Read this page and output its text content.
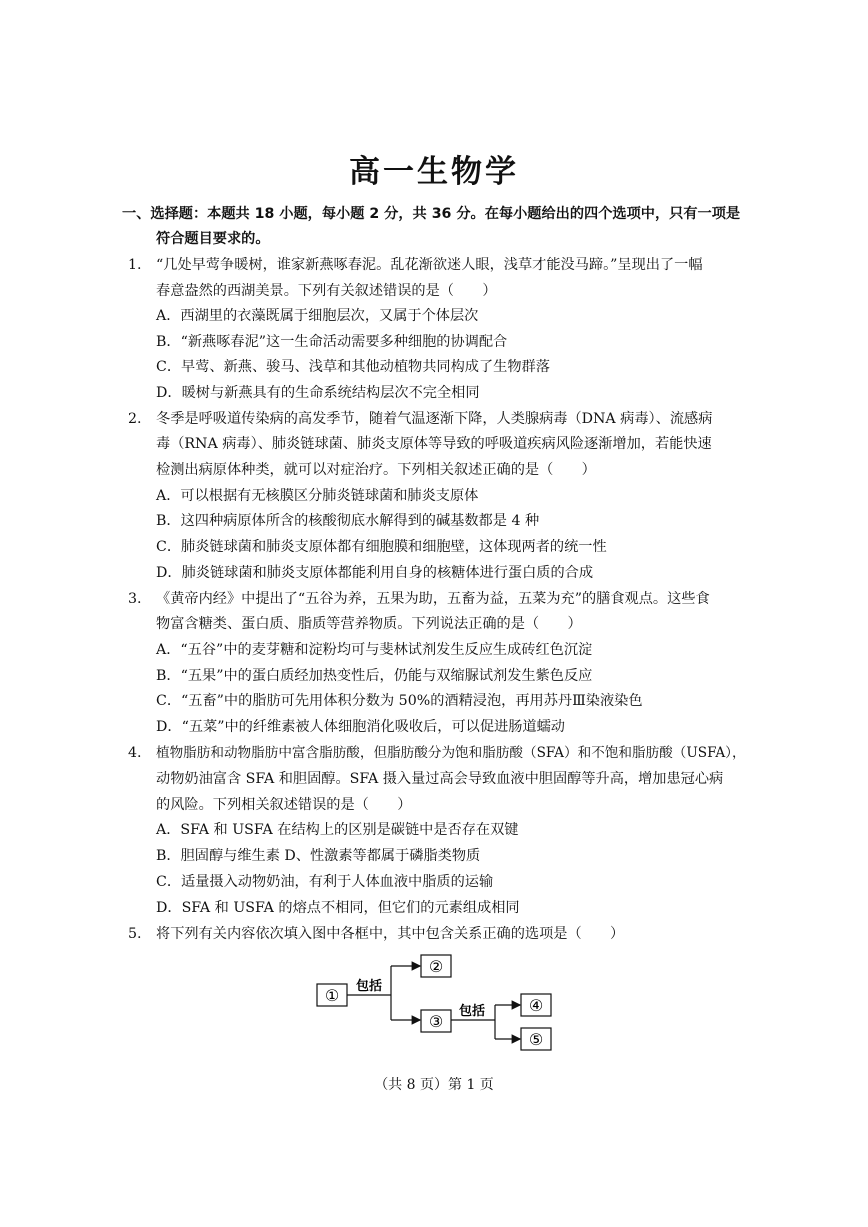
高一生物学
一、选择题：本题共 18 小题，每小题 2 分，共 36 分。在每小题给出的四个选项中，只有一项是
符合题目要求的。
1. “几处早莺争暖树，谁家新燕啄春泥。乱花渐欲迷人眼，浅草才能没马蹄。”呈现出了一幅
春意盎然的西湖美景。下列有关叙述错误的是（　　）
A．西湖里的衣藻既属于细胞层次，又属于个体层次
B．“新燕啄春泥”这一生命活动需要多种细胞的协调配合
C．早莺、新燕、骏马、浅草和其他动植物共同构成了生物群落
D．暖树与新燕具有的生命系统结构层次不完全相同
2. 冬季是呼吸道传染病的高发季节，随着气温逐渐下降，人类腺病毒（DNA 病毒）、流感病
毒（RNA 病毒）、肺炎链球菌、肺炎支原体等导致的呼吸道疾病风险逐渐增加，若能快速
检测出病原体种类，就可以对症治疗。下列相关叙述正确的是（　　）
A．可以根据有无核膜区分肺炎链球菌和肺炎支原体
B．这四种病原体所含的核酸彻底水解得到的碱基数都是 4 种
C．肺炎链球菌和肺炎支原体都有细胞膜和细胞壁，这体现两者的统一性
D．肺炎链球菌和肺炎支原体都能利用自身的核糖体进行蛋白质的合成
3. 《黄帝内经》中提出了“五谷为养，五果为助，五畜为益，五菜为充”的膳食观点。这些食
物富含糖类、蛋白质、脂质等营养物质。下列说法正确的是（　　）
A．“五谷”中的麦芽糖和淀粉均可与斐林试剂发生反应生成砖红色沉淀
B．“五果”中的蛋白质经加热变性后，仍能与双缩脲试剂发生紫色反应
C．“五畜”中的脂肪可先用体积分数为 50%的酒精浸泡，再用苏丹Ⅲ染液染色
D．“五菜”中的纤维素被人体细胞消化吸收后，可以促进肠道蠕动
4. 植物脂肪和动物脂肪中富含脂肪酸，但脂肪酸分为饱和脂肪酸（SFA）和不饱和脂肪酸（USFA），
动物奶油富含 SFA 和胆固醇。SFA 摄入量过高会导致血液中胆固醇等升高，增加患冠心病
的风险。下列相关叙述错误的是（　　）
A．SFA 和 USFA 在结构上的区别是碳链中是否存在双键
B．胆固醇与维生素 D、性激素等都属于磷脂类物质
C．适量摄入动物奶油，有利于人体血液中脂质的运输
D．SFA 和 USFA 的熔点不相同，但它们的元素组成相同
5. 将下列有关内容依次填入图中各框中，其中包含关系正确的选项是（　　）
① 包括
②
③
包括	④
⑤
（共 8 页）第 1 页
